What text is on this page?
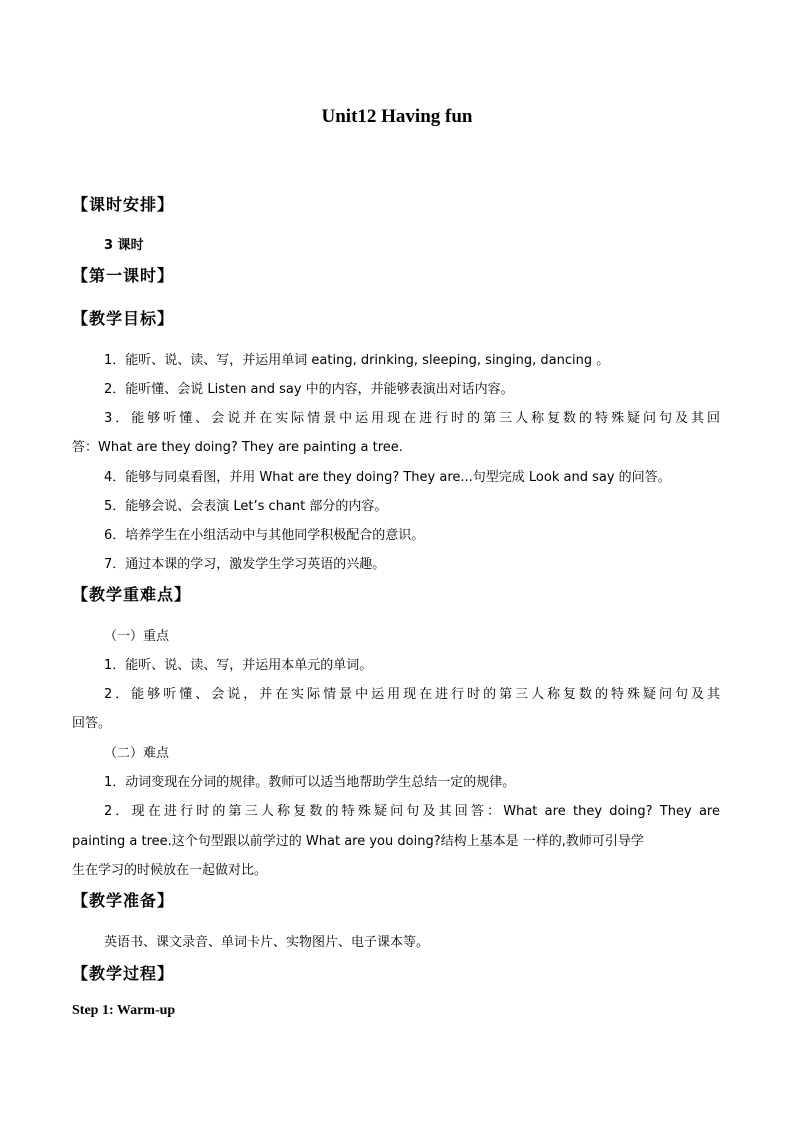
Unit12 Having fun
【课时安排】
3 课时
【第一课时】
【教学目标】
1．能听、说、读、写，并运用单词 eating, drinking, sleeping, singing, dancing 。
2．能听懂、会说 Listen and say 中的内容，并能够表演出对话内容。
3．能够听懂、会说并在实际情景中运用现在进行时的第三人称复数的特殊疑问句及其回
答：What are they doing? They are painting a tree.
4．能够与同桌看图，并用 What are they doing? They are...句型完成 Look and say 的问答。
5．能够会说、会表演 Let’s chant 部分的内容。
6．培养学生在小组活动中与其他同学积极配合的意识。
7．通过本课的学习，激发学生学习英语的兴趣。
【教学重难点】
（一）重点
1．能听、说、读、写，并运用本单元的单词。
2．能够听懂、会说，并在实际情景中运用现在进行时的第三人称复数的特殊疑问句及其
回答。
（二）难点
1．动词变现在分词的规律。教师可以适当地帮助学生总结一定的规律。
2．现在进行时的第三人称复数的特殊疑问句及其回答：What are they doing? They are
painting a tree.这个句型跟以前学过的 What are you doing?结构上基本是 一样的,教师可引导学
生在学习的时候放在一起做对比。
【教学准备】
英语书、课文录音、单词卡片、实物图片、电子课本等。
【教学过程】
Step 1: Warm-up
